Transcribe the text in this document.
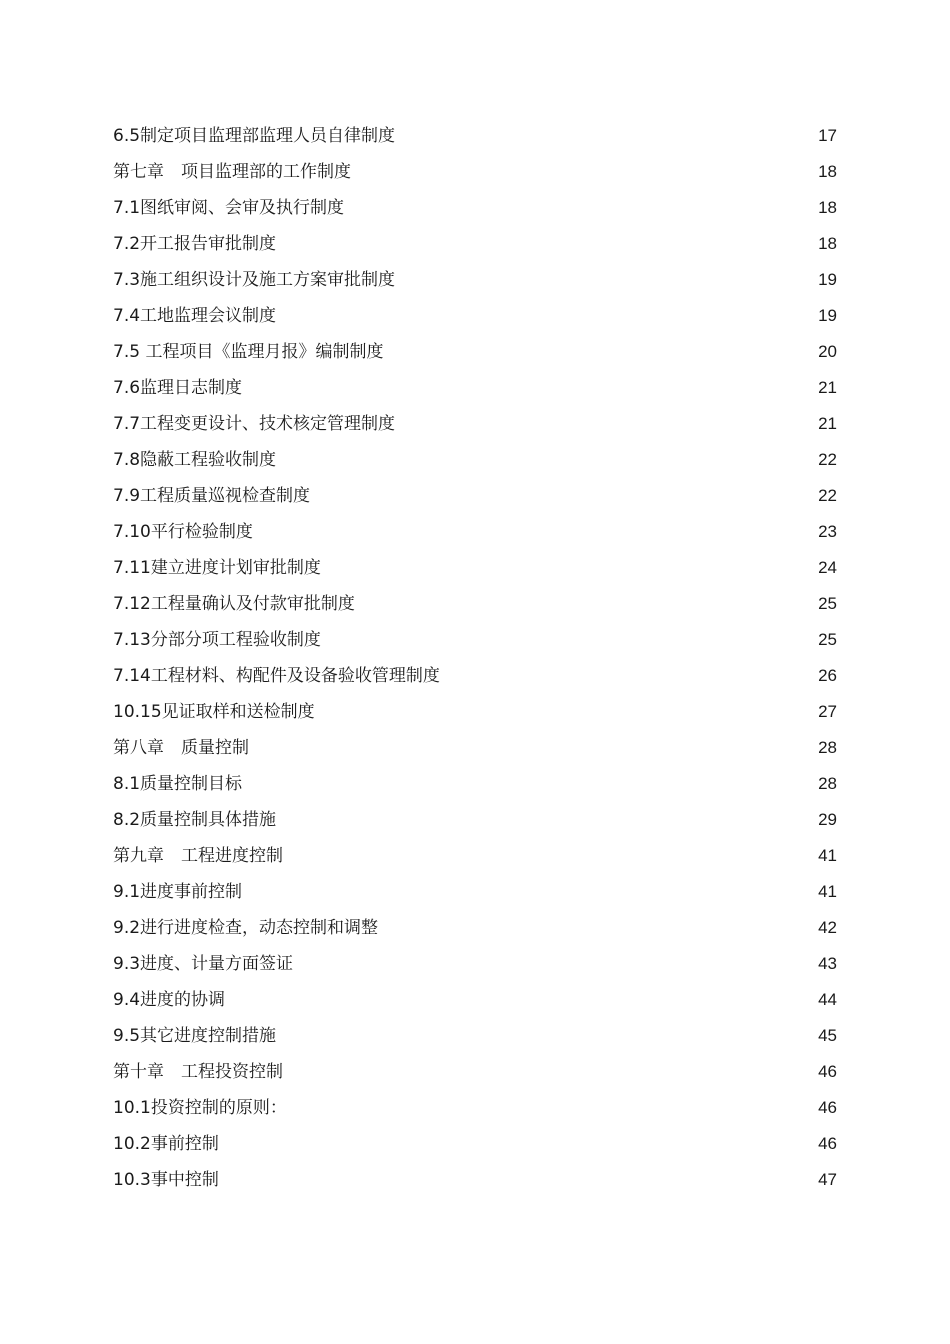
6.5制定项目监理部监理人员自律制度	17
第七章　项目监理部的工作制度	18
7.1图纸审阅、会审及执行制度	18
7.2开工报告审批制度	18
7.3施工组织设计及施工方案审批制度	19
7.4工地监理会议制度	19
7.5 工程项目《监理月报》编制制度	20
7.6监理日志制度	21
7.7工程变更设计、技术核定管理制度	21
7.8隐蔽工程验收制度	22
7.9工程质量巡视检查制度	22
7.10平行检验制度	23
7.11建立进度计划审批制度	24
7.12工程量确认及付款审批制度	25
7.13分部分项工程验收制度	25
7.14工程材料、构配件及设备验收管理制度	26
10.15见证取样和送检制度	27
第八章　质量控制	28
8.1质量控制目标	28
8.2质量控制具体措施	29
第九章　工程进度控制	41
9.1进度事前控制	41
9.2进行进度检查，动态控制和调整	42
9.3进度、计量方面签证	43
9.4进度的协调	44
9.5其它进度控制措施	45
第十章　工程投资控制	46
10.1投资控制的原则：	46
10.2事前控制	46
10.3事中控制	47
